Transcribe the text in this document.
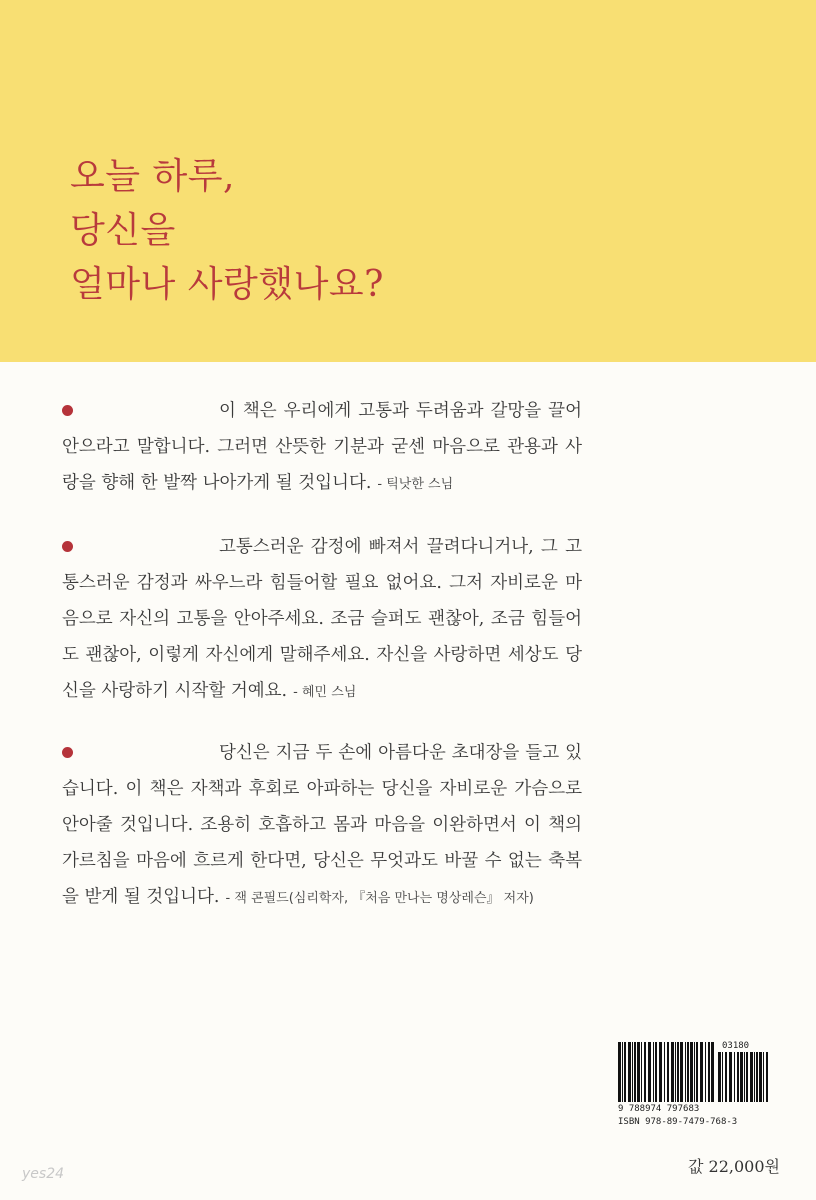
오늘 하루,
당신을
얼마나 사랑했나요?

이 책은 우리에게 고통과 두려움과 갈망을 끌어안으라고 말합니다. 그러면 산뜻한 기분과 굳센 마음으로 관용과 사랑을 향해 한 발짝 나아가게 될 것입니다. - 틱낫한 스님

고통스러운 감정에 빠져서 끌려다니거나, 그 고통스러운 감정과 싸우느라 힘들어할 필요 없어요. 그저 자비로운 마음으로 자신의 고통을 안아주세요. 조금 슬퍼도 괜찮아, 조금 힘들어도 괜찮아, 이렇게 자신에게 말해주세요. 자신을 사랑하면 세상도 당신을 사랑하기 시작할 거예요. - 혜민 스님

당신은 지금 두 손에 아름다운 초대장을 들고 있습니다. 이 책은 자책과 후회로 아파하는 당신을 자비로운 가슴으로 안아줄 것입니다. 조용히 호흡하고 몸과 마음을 이완하면서 이 책의 가르침을 마음에 흐르게 한다면, 당신은 무엇과도 바꿀 수 없는 축복을 받게 될 것입니다. - 잭 콘필드(심리학자, 『처음 만나는 명상레슨』 저자)

03180
9 788974 797683
ISBN 978-89-7479-768-3
값 22,000원
yes24
